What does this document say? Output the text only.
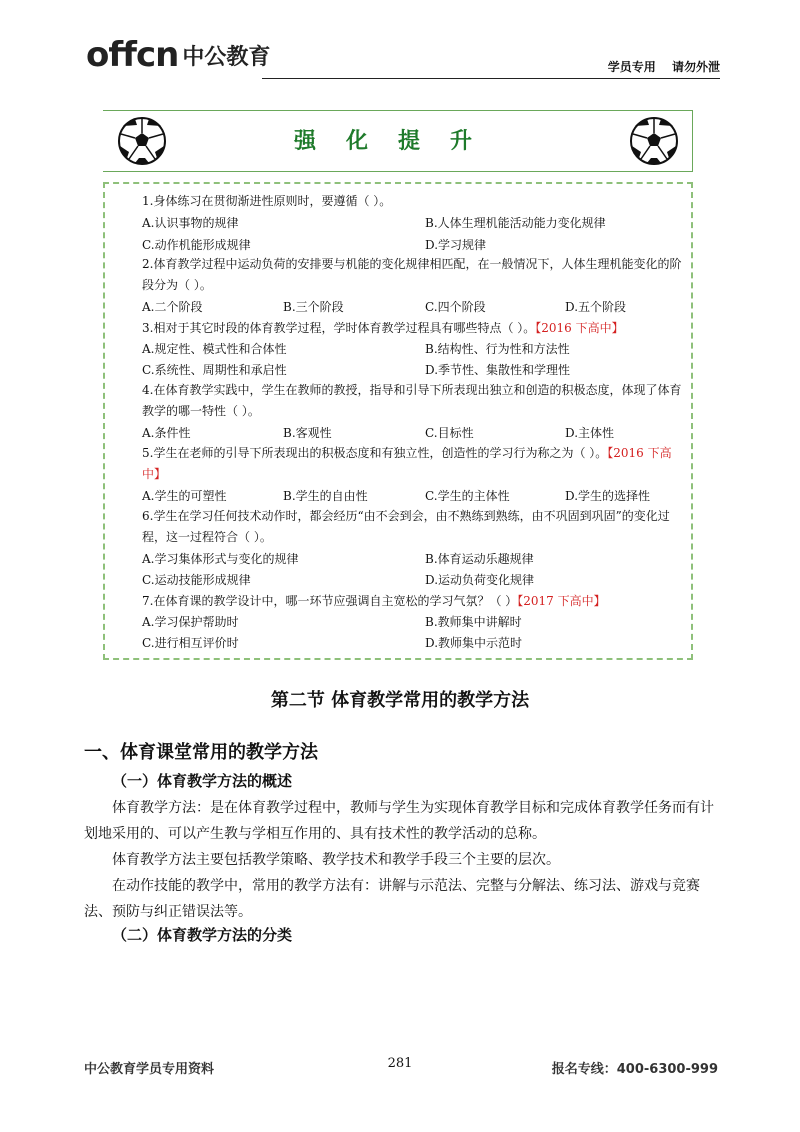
offcn 中公教育	学员专用 请勿外泄
强化提升
1.身体练习在贯彻渐进性原则时，要遵循（ ）。
A.认识事物的规律	B.人体生理机能活动能力变化规律
C.动作机能形成规律	D.学习规律
2.体育教学过程中运动负荷的安排要与机能的变化规律相匹配，在一般情况下，人体生理机能变化的阶段分为（ ）。
A.二个阶段	B.三个阶段	C.四个阶段	D.五个阶段
3.相对于其它时段的体育教学过程，学时体育教学过程具有哪些特点（ ）。【2016 下高中】
A.规定性、模式性和合体性	B.结构性、行为性和方法性
C.系统性、周期性和承启性	D.季节性、集散性和学理性
4.在体育教学实践中，学生在教师的教授，指导和引导下所表现出独立和创造的积极态度，体现了体育教学的哪一特性（ ）。
A.条件性	B.客观性	C.目标性	D.主体性
5.学生在老师的引导下所表现出的积极态度和有独立性，创造性的学习行为称之为（ ）。【2016 下高中】
A.学生的可塑性	B.学生的自由性	C.学生的主体性	D.学生的选择性
6.学生在学习任何技术动作时，都会经历“由不会到会，由不熟练到熟练，由不巩固到巩固”的变化过程，这一过程符合（ ）。
A.学习集体形式与变化的规律	B.体育运动乐趣规律
C.运动技能形成规律	D.运动负荷变化规律
7.在体育课的教学设计中，哪一环节应强调自主宽松的学习气氛？（ ）【2017 下高中】
A.学习保护帮助时	B.教师集中讲解时
C.进行相互评价时	D.教师集中示范时
第二节 体育教学常用的教学方法
一、体育课堂常用的教学方法
（一）体育教学方法的概述
体育教学方法：是在体育教学过程中，教师与学生为实现体育教学目标和完成体育教学任务而有计划地采用的、可以产生教与学相互作用的、具有技术性的教学活动的总称。
体育教学方法主要包括教学策略、教学技术和教学手段三个主要的层次。
在动作技能的教学中，常用的教学方法有：讲解与示范法、完整与分解法、练习法、游戏与竞赛法、预防与纠正错误法等。
（二）体育教学方法的分类
中公教育学员专用资料	281	报名专线：400-6300-999
